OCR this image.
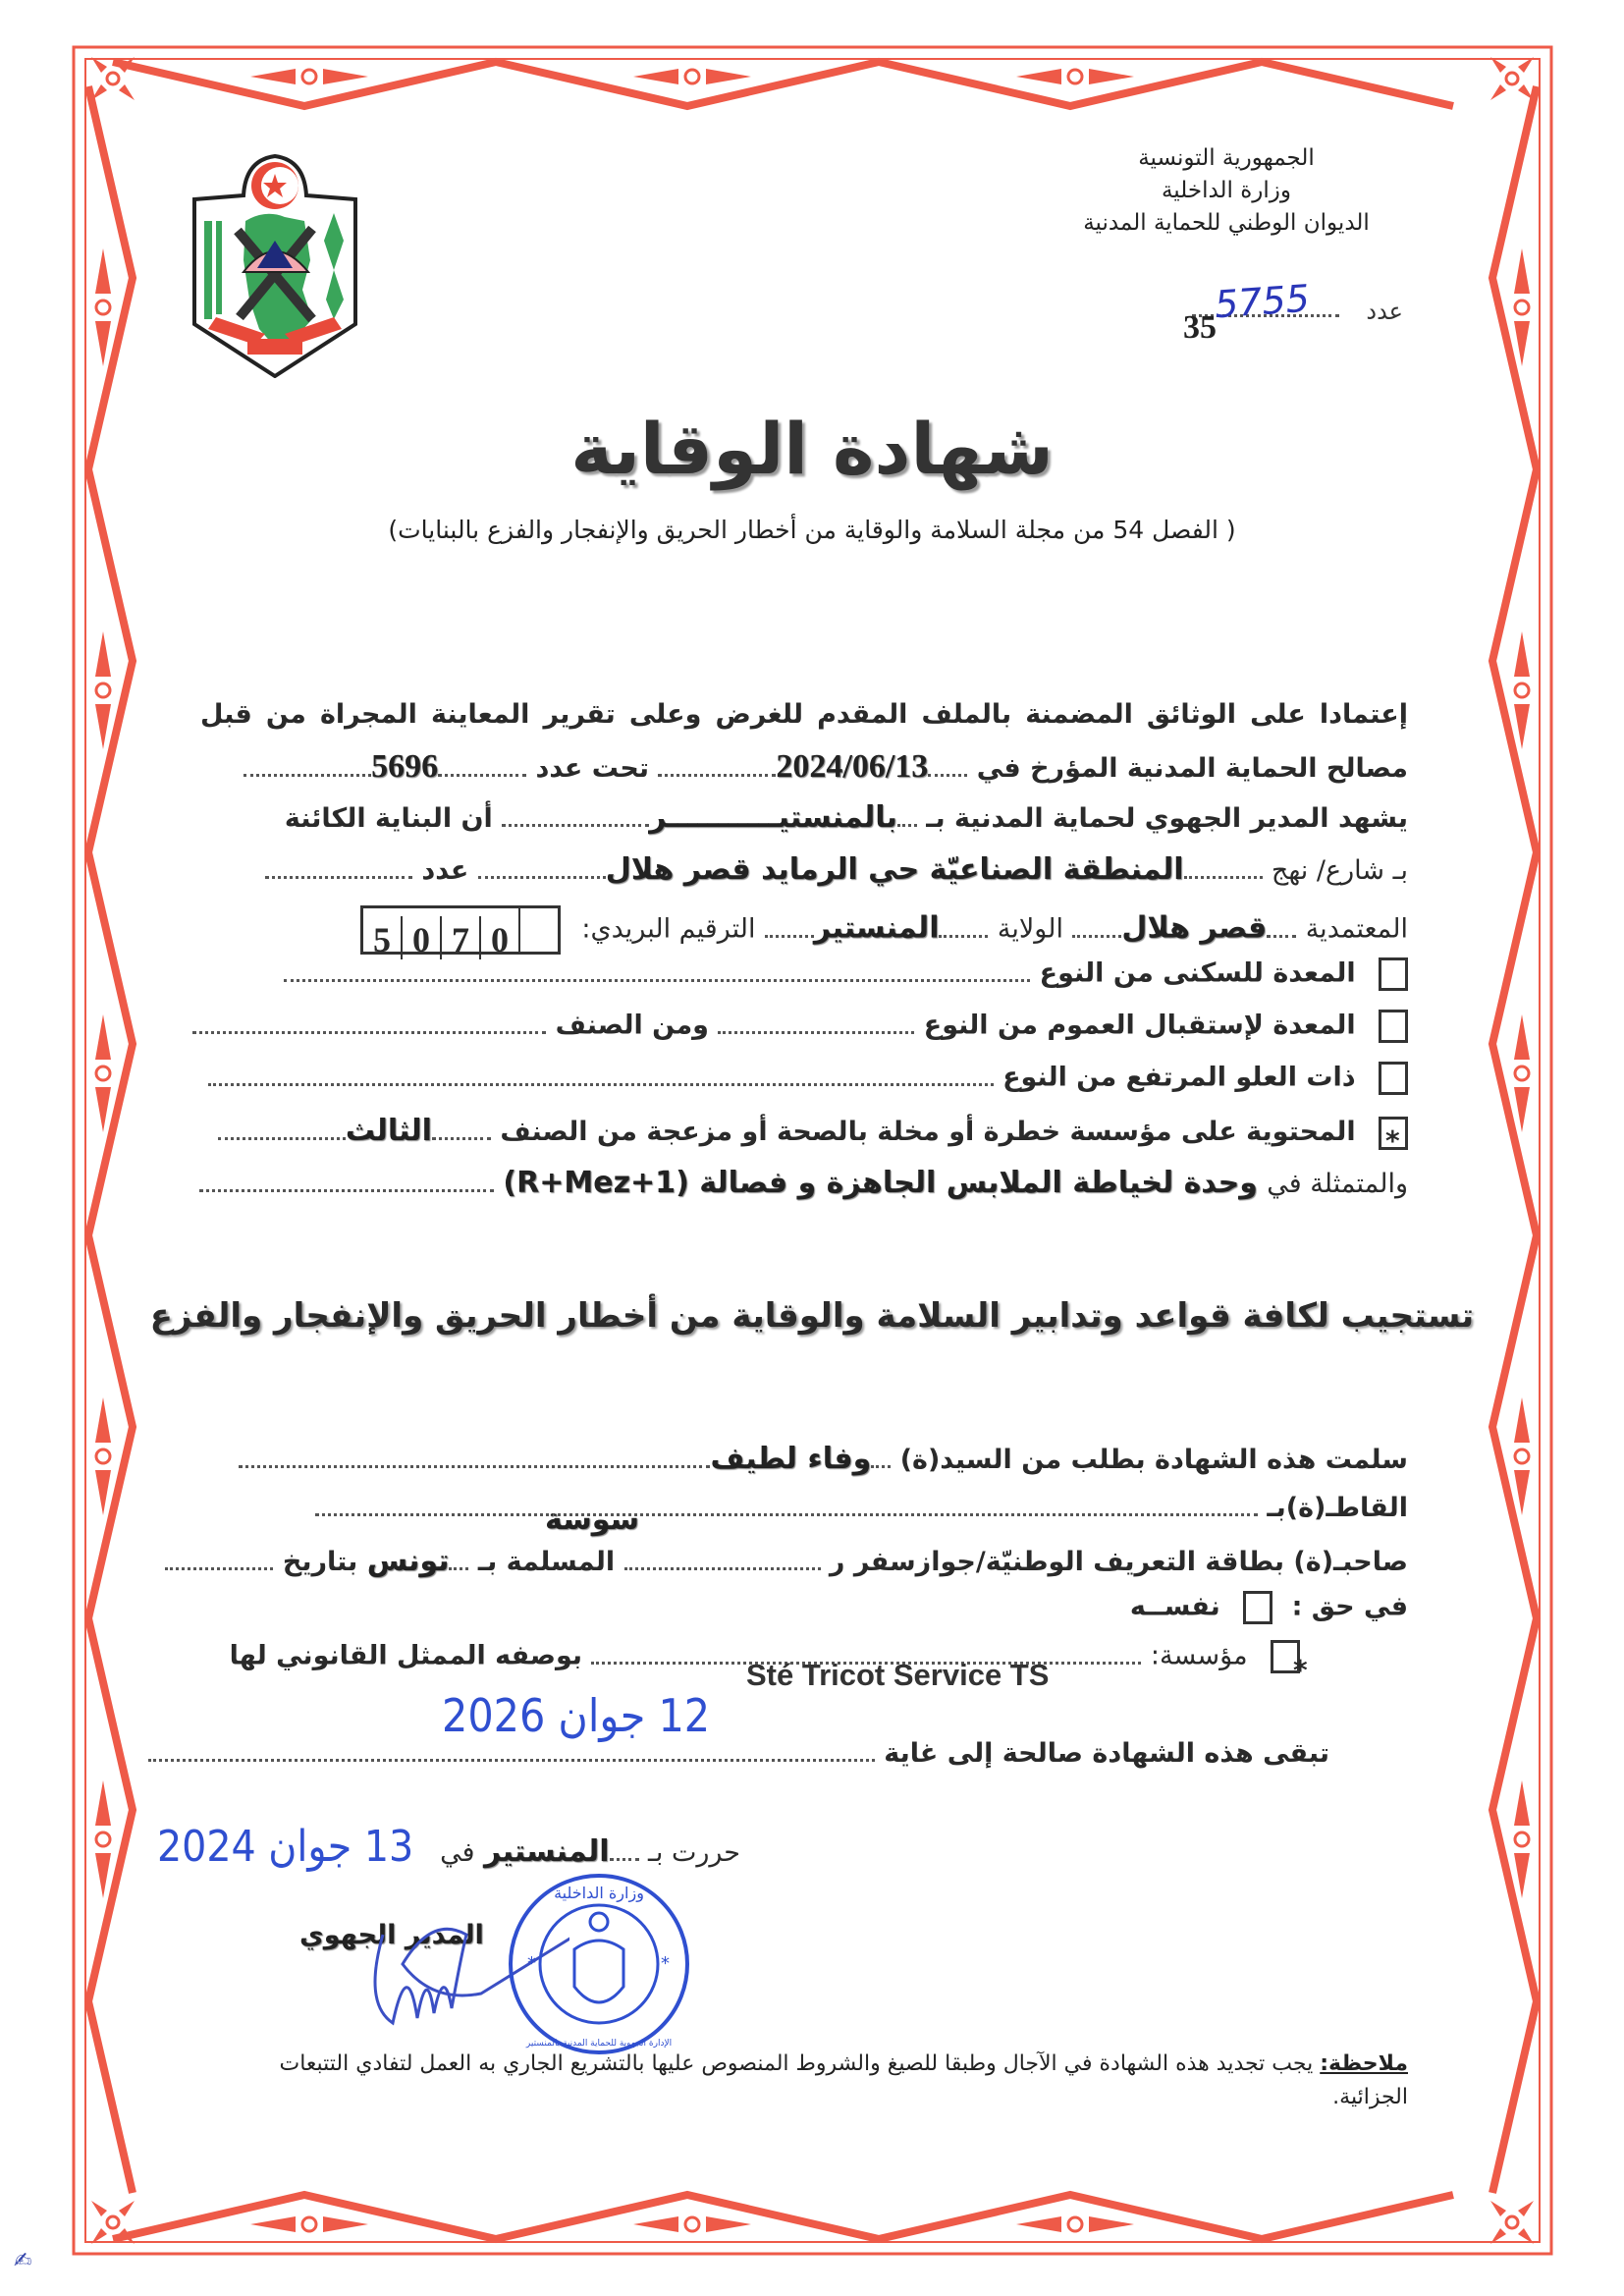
الجمهورية التونسية
وزارة الداخلية
الديوان الوطني للحماية المدنية
عدد
5755
35
شهادة الوقاية
( الفصل 54 من مجلة السلامة والوقاية من أخطار الحريق والإنفجار والفزع بالبنايات)
إعتمادا على الوثائق المضمنة بالملف المقدم للغرض وعلى تقرير المعاينة المجراة من قبل
مصالح الحماية المدنية المؤرخ في 2024/06/13 تحت عدد 5696
يشهد المدير الجهوي لحماية المدنية بـ بالمنستيـــــــــــر أن البناية الكائنة
بـ شارع/ نهج المنطقة الصناعيّة حي الرمايد قصر هلال عدد
المعتمدية قصر هلال الولاية المنستير الترقيم البريدي: 5 0 7 0
المعدة للسكنى من النوع
المعدة لإستقبال العموم من النوع  ومن الصنف
ذات العلو المرتفع من النوع
*
المحتوية على مؤسسة خطرة أو مخلة بالصحة أو مزعجة من الصنف الثالث
والمتمثلة في وحدة لخياطة الملابس الجاهزة و فصالة (R+Mez+1)
تستجيب لكافة قواعد وتدابير السلامة والوقاية من أخطار الحريق والإنفجار والفزع
سلمت هذه الشهادة بطلب من السيد(ة) وفاء لطيف
القاطـ(ة)بـ
سوسة
صاحبـ(ة) بطاقة التعريف الوطنيّة/جوازسفر ر  المسلمة بـ تونس بتاريخ
في حق :  نفســه
*
مؤسسة:  بوصفه الممثل القانوني لها
Sté Tricot Service TS
12 جوان 2026
تبقى هذه الشهادة صالحة إلى غاية
حررت بـ المنستير في
13 جوان 2024
المدير الجهوي
وزارة الداخلية
الإدارة الجهوية للحماية المدنية بالمنستير
*	*
ملاحظة: يجب تجديد هذه الشهادة في الآجال وطبقا للصيغ والشروط المنصوص عليها بالتشريع الجاري به العمل لتفادي التتبعات الجزائية.
✍
